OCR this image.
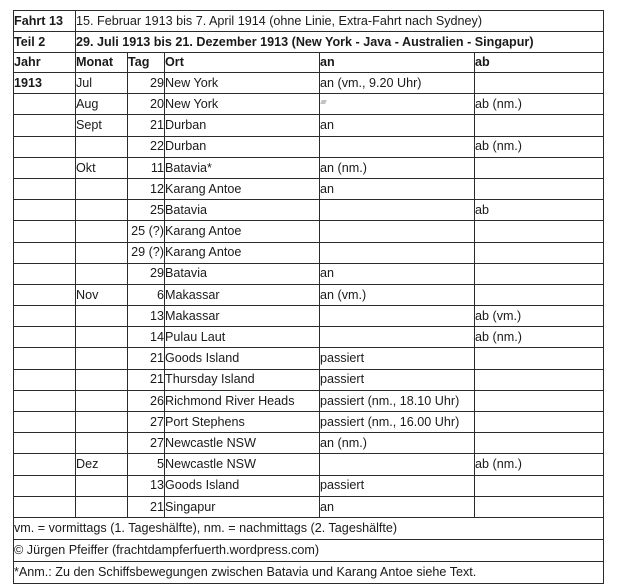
Fahrt 13	15. Februar 1913 bis 7. April 1914 (ohne Linie, Extra-Fahrt nach Sydney)				
Teil 2	29. Juli 1913 bis 21. Dezember 1913 (New York - Java - Australien - Singapur)				
Jahr	Monat	Tag	Ort	an	ab
1913	Jul	29	New York	an (vm., 9.20 Uhr)	
	Aug	20	New York		ab (nm.)
	Sept	21	Durban	an	
		22	Durban		ab (nm.)
	Okt	11	Batavia*	an (nm.)	
		12	Karang Antoe	an	
		25	Batavia		ab
		25 (?)	Karang Antoe		
		29 (?)	Karang Antoe		
		29	Batavia	an	
	Nov	6	Makassar	an (vm.)	
		13	Makassar		ab (vm.)
		14	Pulau Laut		ab (nm.)
		21	Goods Island	passiert	
		21	Thursday Island	passiert	
		26	Richmond River Heads	passiert (nm., 18.10 Uhr)	
		27	Port Stephens	passiert (nm., 16.00 Uhr)	
		27	Newcastle NSW	an (nm.)	
	Dez	5	Newcastle NSW		ab (nm.)
		13	Goods Island	passiert	
		21	Singapur	an	
vm. = vormittags (1. Tageshälfte), nm. = nachmittags (2. Tageshälfte)					
© Jürgen Pfeiffer (frachtdampferfuerth.wordpress.com)					
*Anm.: Zu den Schiffsbewegungen zwischen Batavia und Karang Antoe siehe Text.					
